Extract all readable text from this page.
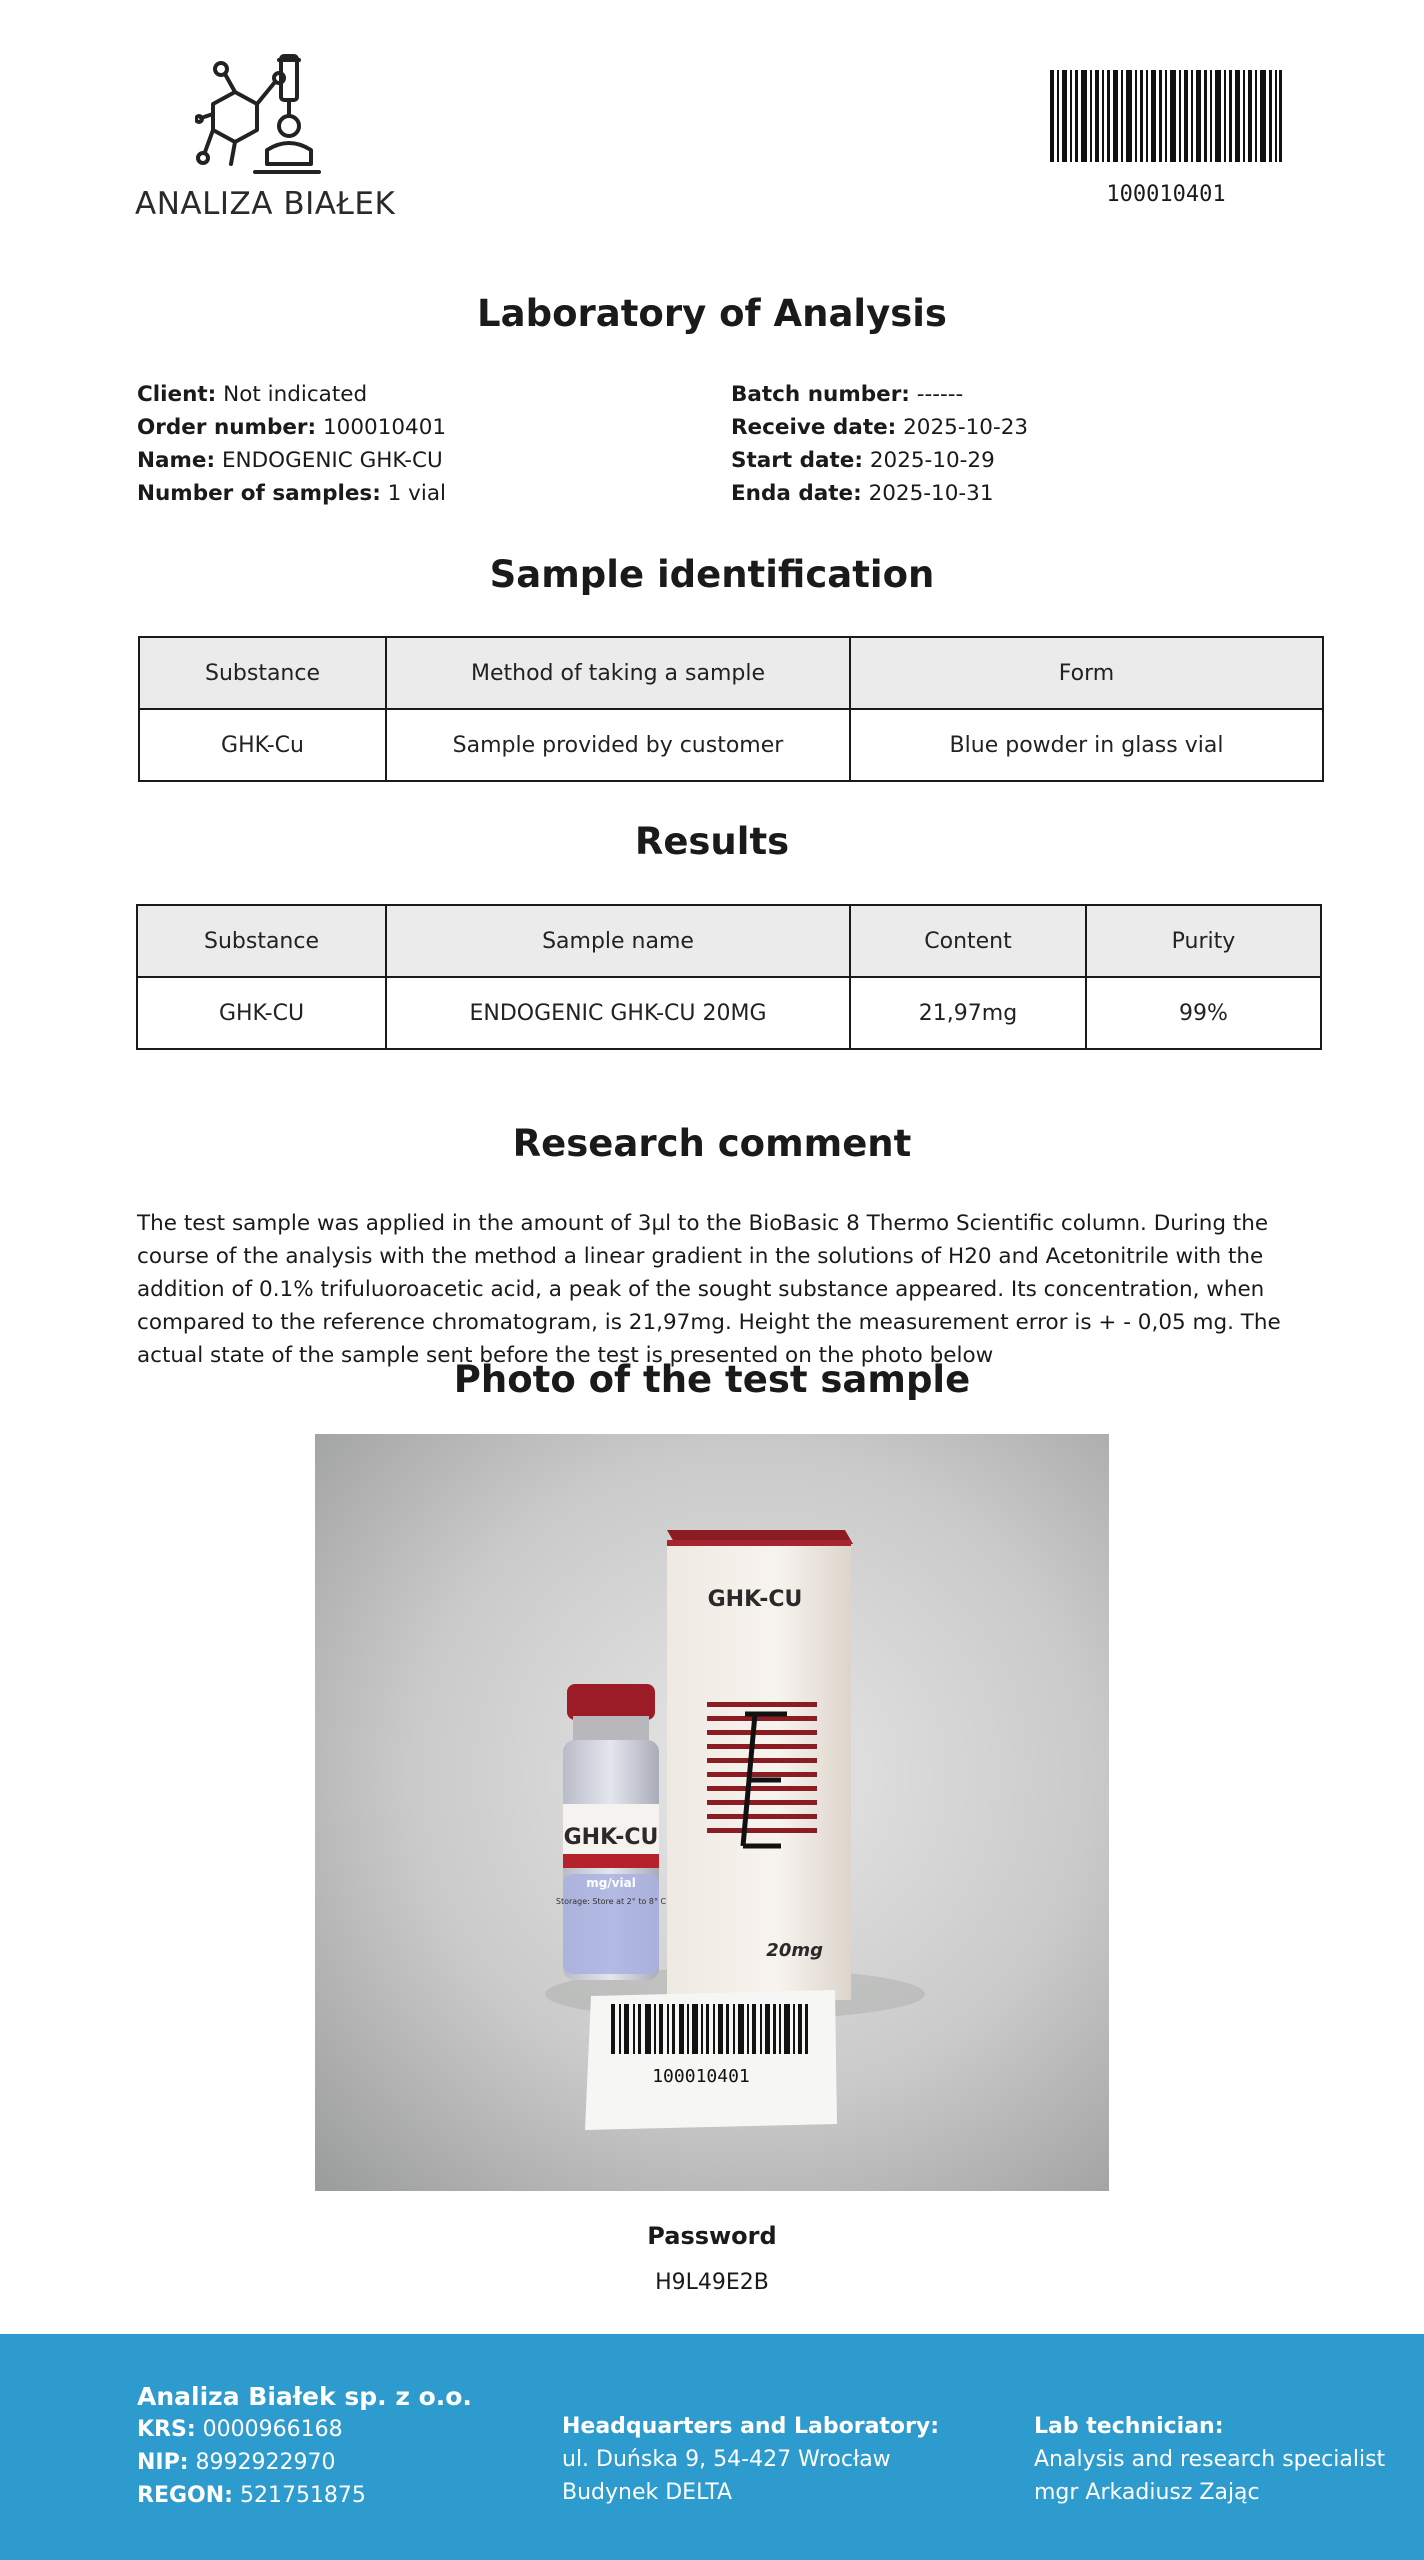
ANALIZA BIAŁEK	100010401
Laboratory of Analysis
Client: Not indicated
Order number: 100010401
Name: ENDOGENIC GHK-CU
Number of samples: 1 vial
Batch number: ------
Receive date: 2025-10-23
Start date: 2025-10-29
Enda date: 2025-10-31
Sample identification
Substance	Method of taking a sample	Form
GHK-Cu	Sample provided by customer	Blue powder in glass vial
Results
Substance	Sample name	Content	Purity
GHK-CU	ENDOGENIC GHK-CU 20MG	21,97mg	99%
Research comment

The test sample was applied in the amount of 3µl to the BioBasic 8 Thermo Scientific column. During the course of the analysis with the method a linear gradient in the solutions of H20 and Acetonitrile with the addition of 0.1% trifuluoroacetic acid, a peak of the sought substance appeared. Its concentration, when compared to the reference chromatogram, is 21,97mg. Height the measurement error is + - 0,05 mg. The actual state of the sample sent before the test is presented on the photo below

Photo of the test sample
GHK-CU
20mg
GHK-CU
mg/vial
Storage: Store at 2° to 8° C
100010401
Password
H9L49E2B
Analiza Białek sp. z o.o.
KRS: 0000966168
NIP: 8992922970
REGON: 521751875
Headquarters and Laboratory:
ul. Duńska 9, 54-427 Wrocław
Budynek DELTA
Lab technician:
Analysis and research specialist
mgr Arkadiusz Zając
